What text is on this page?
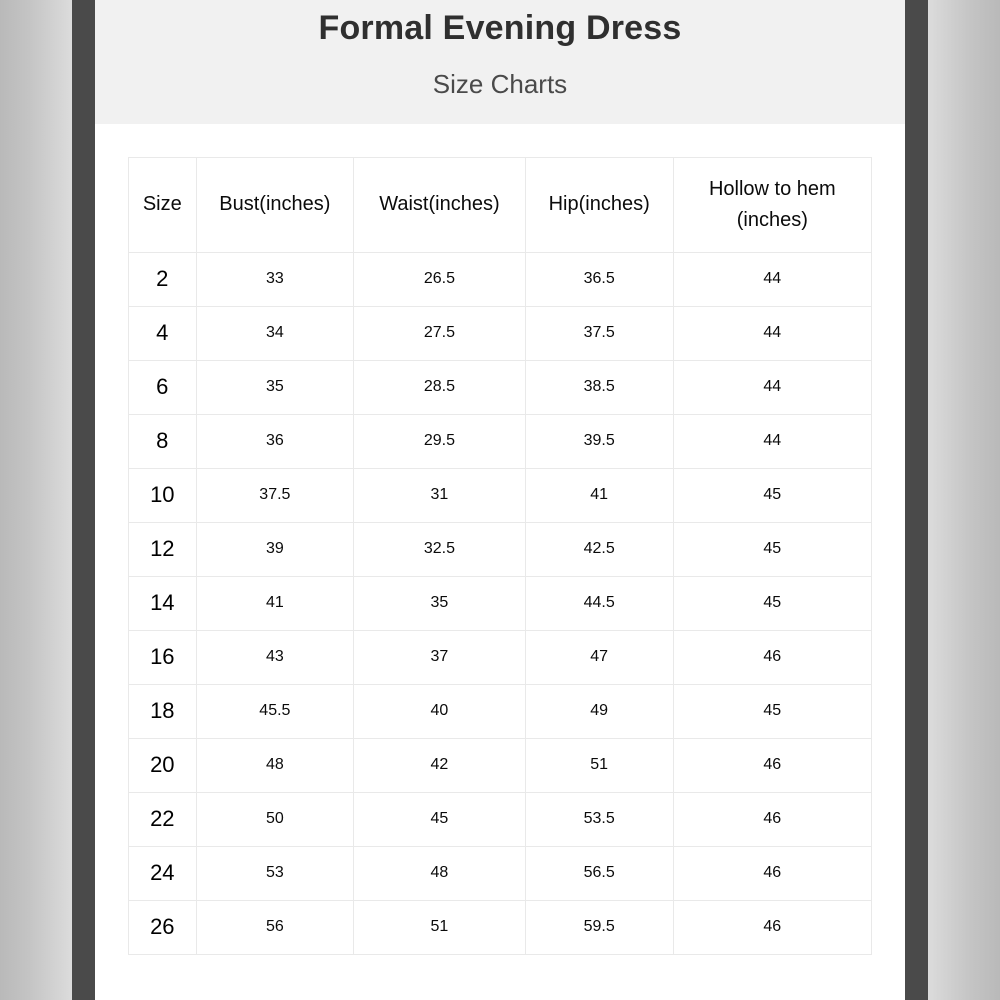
Formal Evening Dress
Size Charts
Size	Bust(inches)	Waist(inches)	Hip(inches)	Hollow to hem
(inches)
2	33	26.5	36.5	44
4	34	27.5	37.5	44
6	35	28.5	38.5	44
8	36	29.5	39.5	44
10	37.5	31	41	45
12	39	32.5	42.5	45
14	41	35	44.5	45
16	43	37	47	46
18	45.5	40	49	45
20	48	42	51	46
22	50	45	53.5	46
24	53	48	56.5	46
26	56	51	59.5	46
